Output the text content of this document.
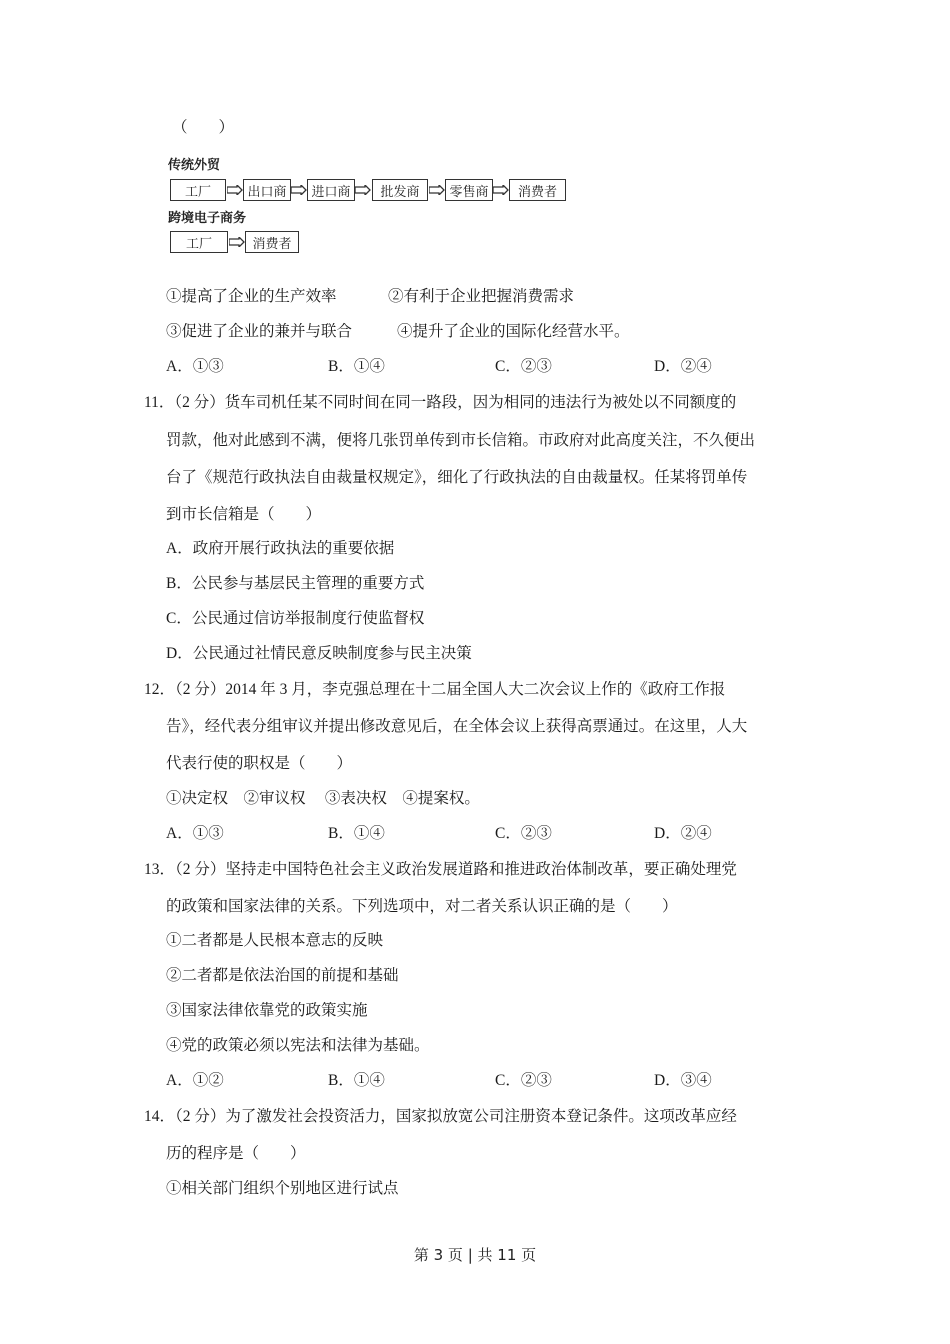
（　　）
传统外贸
工厂	出口商	进口商	批发商	零售商	消费者
跨境电子商务
工厂	消费者
①提高了企业的生产效率	②有利于企业把握消费需求
③促进了企业的兼并与联合	④提升了企业的国际化经营水平。
A．①③	B．①④	C．②③	D．②④
11．（2 分）货车司机任某不同时间在同一路段，因为相同的违法行为被处以不同额度的
罚款，他对此感到不满，便将几张罚单传到市长信箱。市政府对此高度关注，不久便出
台了《规范行政执法自由裁量权规定》，细化了行政执法的自由裁量权。任某将罚单传
到市长信箱是（　　）
A．政府开展行政执法的重要依据
B．公民参与基层民主管理的重要方式
C．公民通过信访举报制度行使监督权
D．公民通过社情民意反映制度参与民主决策
12．（2 分）2014 年 3 月，李克强总理在十二届全国人大二次会议上作的《政府工作报
告》，经代表分组审议并提出修改意见后，在全体会议上获得高票通过。在这里，人大
代表行使的职权是（　　）
①决定权　②审议权　 ③表决权　④提案权。
A．①③	B．①④	C．②③	D．②④
13．（2 分）坚持走中国特色社会主义政治发展道路和推进政治体制改革，要正确处理党
的政策和国家法律的关系。下列选项中，对二者关系认识正确的是（　　）
①二者都是人民根本意志的反映
②二者都是依法治国的前提和基础
③国家法律依靠党的政策实施
④党的政策必须以宪法和法律为基础。
A．①②	B．①④	C．②③	D．③④
14．（2 分）为了激发社会投资活力，国家拟放宽公司注册资本登记条件。这项改革应经
历的程序是（　　）
①相关部门组织个别地区进行试点
第 3 页 | 共 11 页
